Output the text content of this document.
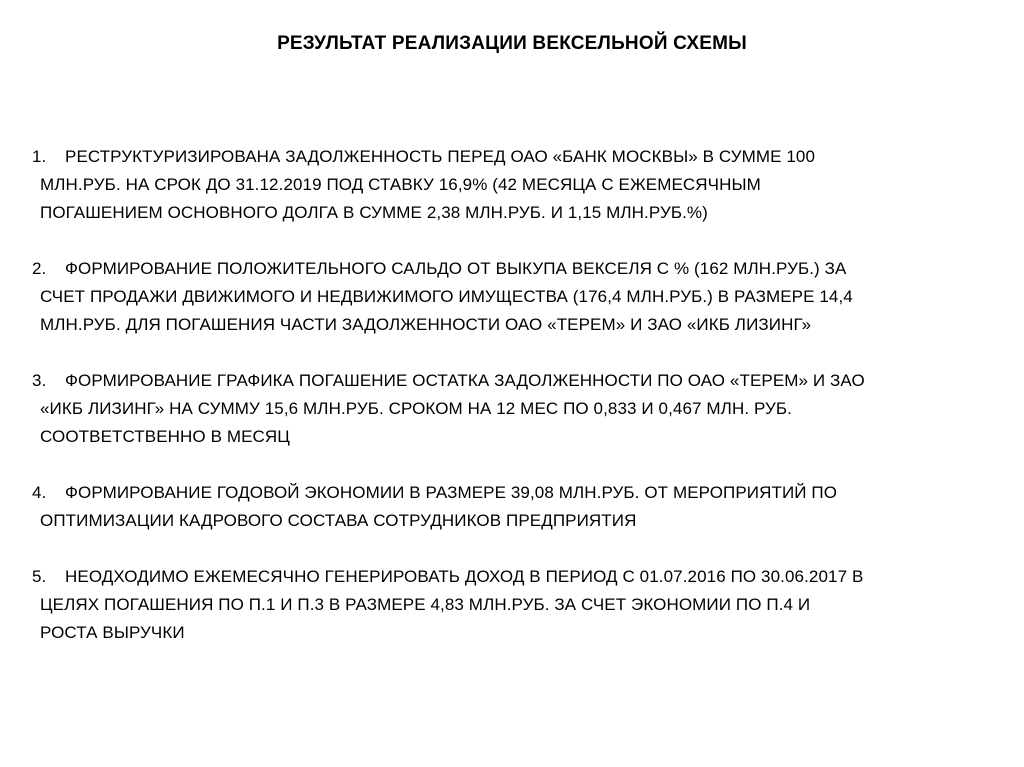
РЕЗУЛЬТАТ РЕАЛИЗАЦИИ ВЕКСЕЛЬНОЙ СХЕМЫ
1. РЕСТРУКТУРИЗИРОВАНА ЗАДОЛЖЕННОСТЬ ПЕРЕД ОАО «БАНК МОСКВЫ» В СУММЕ 100
МЛН.РУБ. НА СРОК ДО 31.12.2019 ПОД СТАВКУ 16,9% (42 МЕСЯЦА С ЕЖЕМЕСЯЧНЫМ
ПОГАШЕНИЕМ ОСНОВНОГО ДОЛГА В СУММЕ 2,38 МЛН.РУБ. И 1,15 МЛН.РУБ.%)
2. ФОРМИРОВАНИЕ ПОЛОЖИТЕЛЬНОГО САЛЬДО ОТ ВЫКУПА ВЕКСЕЛЯ С % (162 МЛН.РУБ.) ЗА
СЧЕТ ПРОДАЖИ ДВИЖИМОГО И НЕДВИЖИМОГО ИМУЩЕСТВА (176,4 МЛН.РУБ.) В РАЗМЕРЕ 14,4
МЛН.РУБ. ДЛЯ ПОГАШЕНИЯ ЧАСТИ ЗАДОЛЖЕННОСТИ ОАО «ТЕРЕМ» И ЗАО «ИКБ ЛИЗИНГ»
3. ФОРМИРОВАНИЕ ГРАФИКА ПОГАШЕНИЕ ОСТАТКА ЗАДОЛЖЕННОСТИ ПО ОАО «ТЕРЕМ» И ЗАО
«ИКБ ЛИЗИНГ» НА СУММУ 15,6 МЛН.РУБ. СРОКОМ НА 12 МЕС ПО 0,833 И 0,467 МЛН. РУБ.
СООТВЕТСТВЕННО В МЕСЯЦ
4. ФОРМИРОВАНИЕ ГОДОВОЙ ЭКОНОМИИ В РАЗМЕРЕ 39,08 МЛН.РУБ. ОТ МЕРОПРИЯТИЙ ПО
ОПТИМИЗАЦИИ КАДРОВОГО СОСТАВА СОТРУДНИКОВ ПРЕДПРИЯТИЯ
5. НЕОДХОДИМО ЕЖЕМЕСЯЧНО ГЕНЕРИРОВАТЬ ДОХОД В ПЕРИОД С 01.07.2016 ПО 30.06.2017 В
ЦЕЛЯХ ПОГАШЕНИЯ ПО П.1 И П.3 В РАЗМЕРЕ 4,83 МЛН.РУБ. ЗА СЧЕТ ЭКОНОМИИ ПО П.4 И
РОСТА ВЫРУЧКИ
